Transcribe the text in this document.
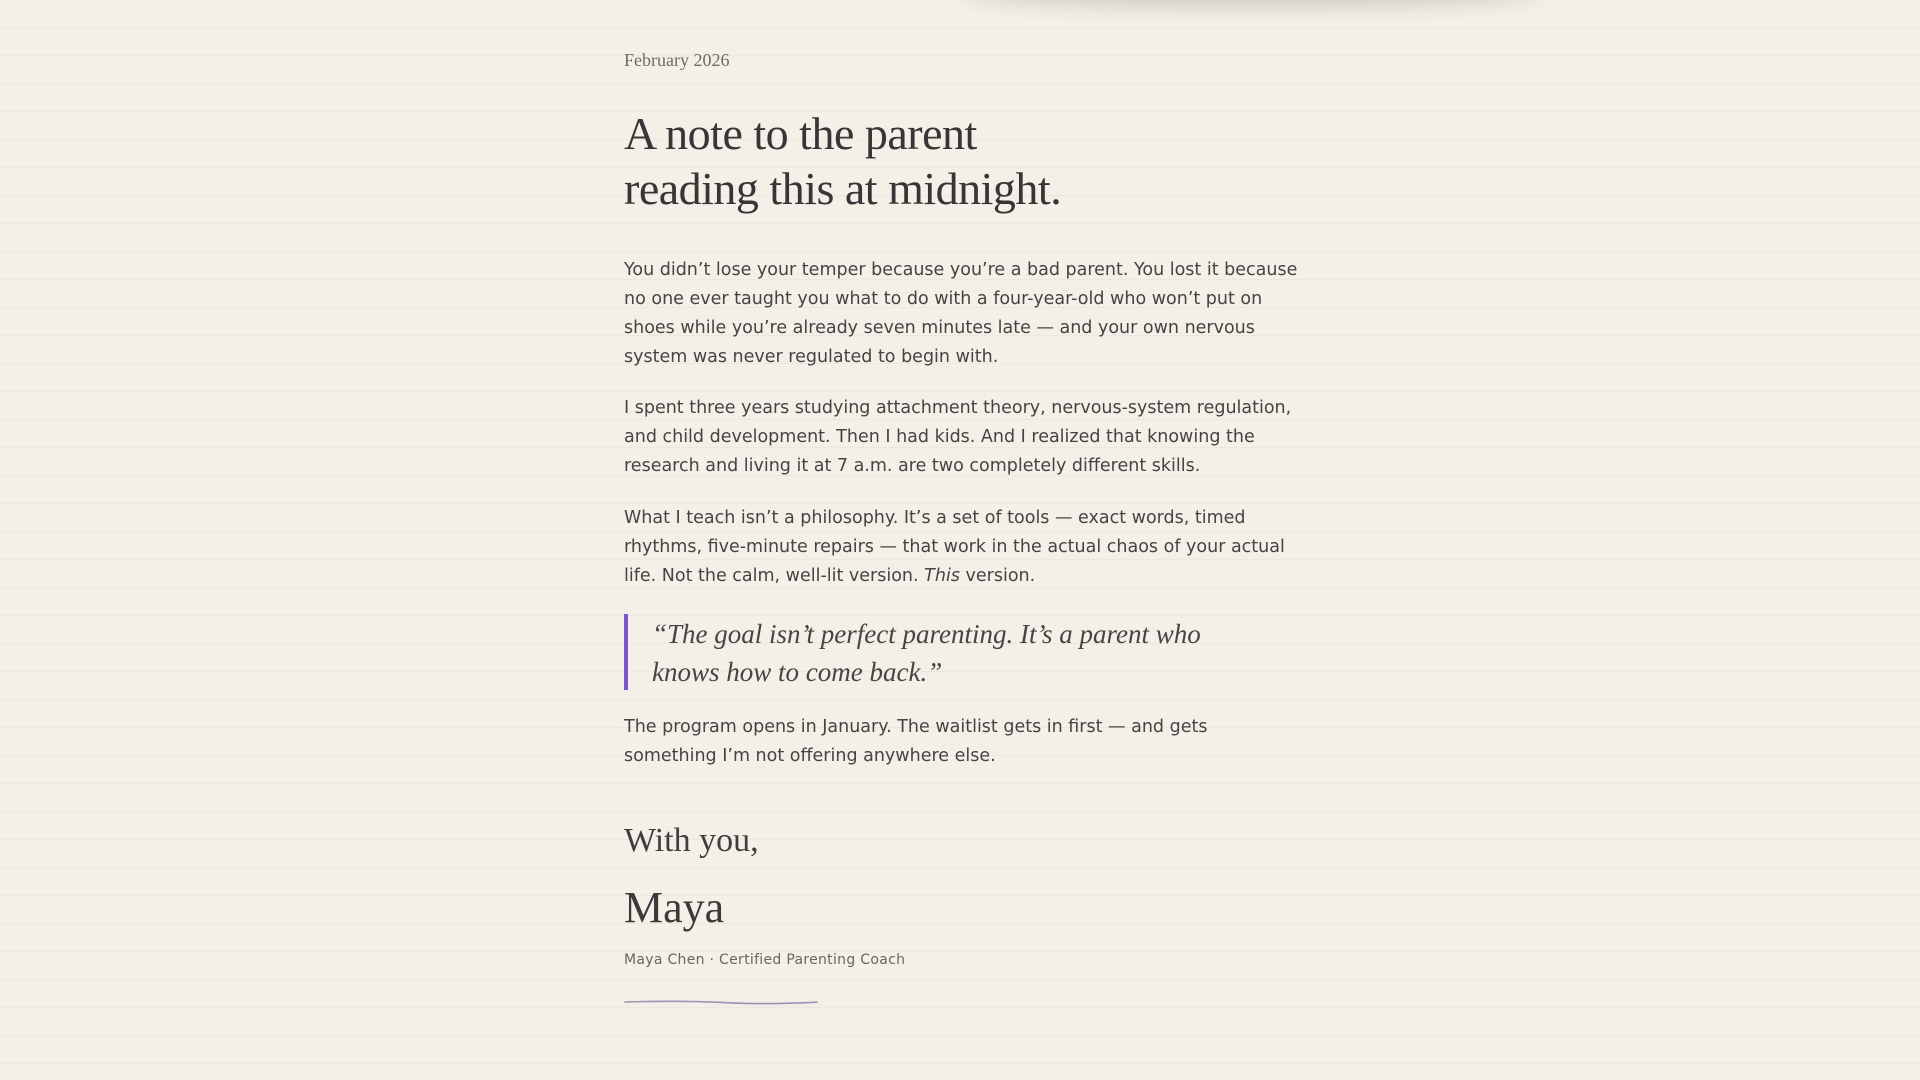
February 2026
A note to the parent
reading this at midnight.

You didn’t lose your temper because you’re a bad parent. You lost it because no one ever taught you what to do with a four-year-old who won’t put on shoes while you’re already seven minutes late — and your own nervous system was never regulated to begin with.

I spent three years studying attachment theory, nervous-system regulation, and child development. Then I had kids. And I realized that knowing the research and living it at 7 a.m. are two completely different skills.

What I teach isn’t a philosophy. It’s a set of tools — exact words, timed rhythms, five-minute repairs — that work in the actual chaos of your actual life. Not the calm, well-lit version. This version.

“The goal isn’t perfect parenting. It’s a parent who knows how to come back.”

The program opens in January. The waitlist gets in first — and gets something I’m not offering anywhere else.

With you,
Maya
Maya Chen · Certified Parenting Coach
